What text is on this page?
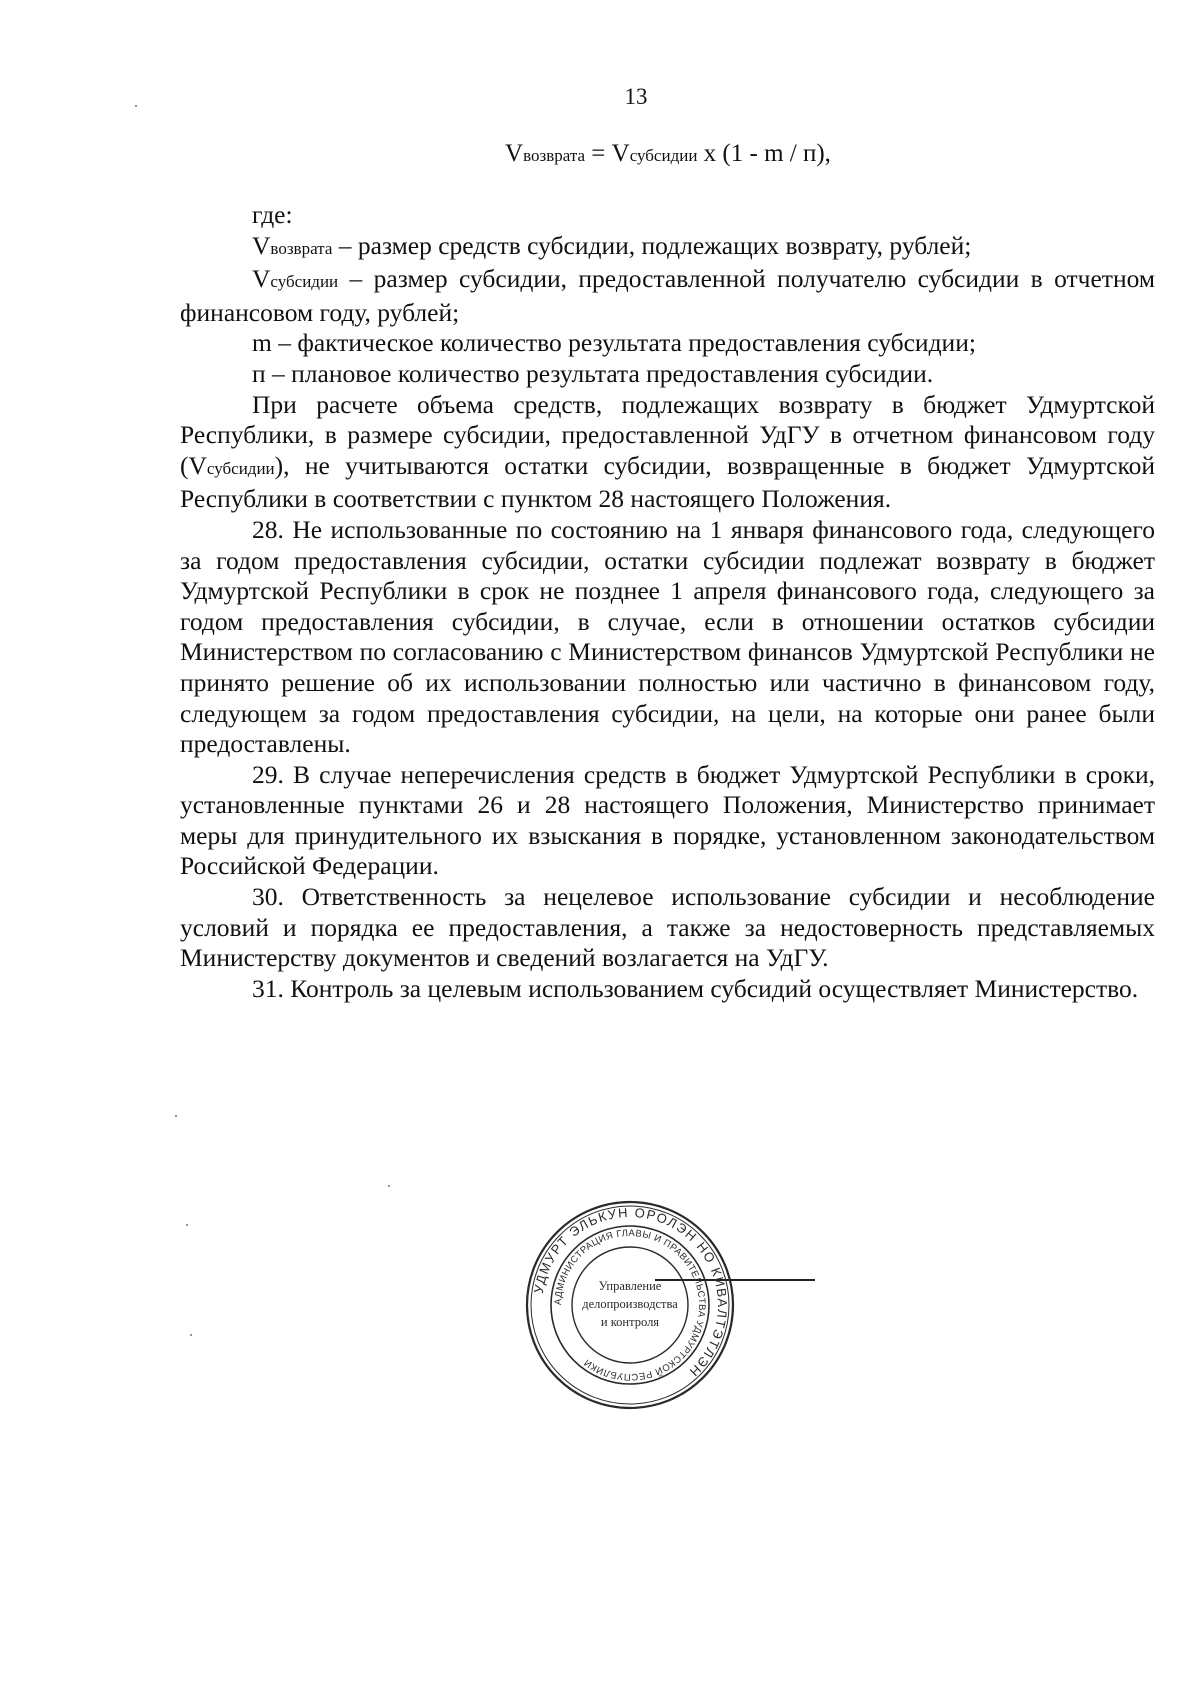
13
Vвозврата = Vсубсидии x (1 - m / п),

где:

Vвозврата – размер средств субсидии, подлежащих возврату, рублей;

Vсубсидии – размер субсидии, предоставленной получателю субсидии в отчетном финансовом году, рублей;

m – фактическое количество результата предоставления субсидии;

п – плановое количество результата предоставления субсидии.

При расчете объема средств, подлежащих возврату в бюджет Удмуртской Республики, в размере субсидии, предоставленной УдГУ в отчетном финансовом году (Vсубсидии), не учитываются остатки субсидии, возвращенные в бюджет Удмуртской Республики в соответствии с пунктом 28 настоящего Положения.

28. Не использованные по состоянию на 1 января финансового года, следующего за годом предоставления субсидии, остатки субсидии подлежат возврату в бюджет Удмуртской Республики в срок не позднее 1 апреля финансового года, следующего за годом предоставления субсидии, в случае, если в отношении остатков субсидии Министерством по согласованию с Министерством финансов Удмуртской Республики не принято решение об их использовании полностью или частично в финансовом году, следующем за годом предоставления субсидии, на цели, на которые они ранее были предоставлены.

29. В случае неперечисления средств в бюджет Удмуртской Республики в сроки, установленные пунктами 26 и 28 настоящего Положения, Министерство принимает меры для принудительного их взыскания в порядке, установленном законодательством Российской Федерации.

30. Ответственность за нецелевое использование субсидии и несоблюдение условий и порядка ее предоставления, а также за недостоверность представляемых Министерству документов и сведений возлагается на УдГУ.

31. Контроль за целевым использованием субсидий осуществляет Министерство.

УДМУРТ ЭЛЬКУН ОРОЛЭН НО КИВАЛТЭТЛЭН
АДМИНИСТРАЦИЯ ГЛАВЫ И ПРАВИТЕЛЬСТВА УДМУРТСКОЙ РЕСПУБЛИКИ
Управление
делопроизводства
и контроля
